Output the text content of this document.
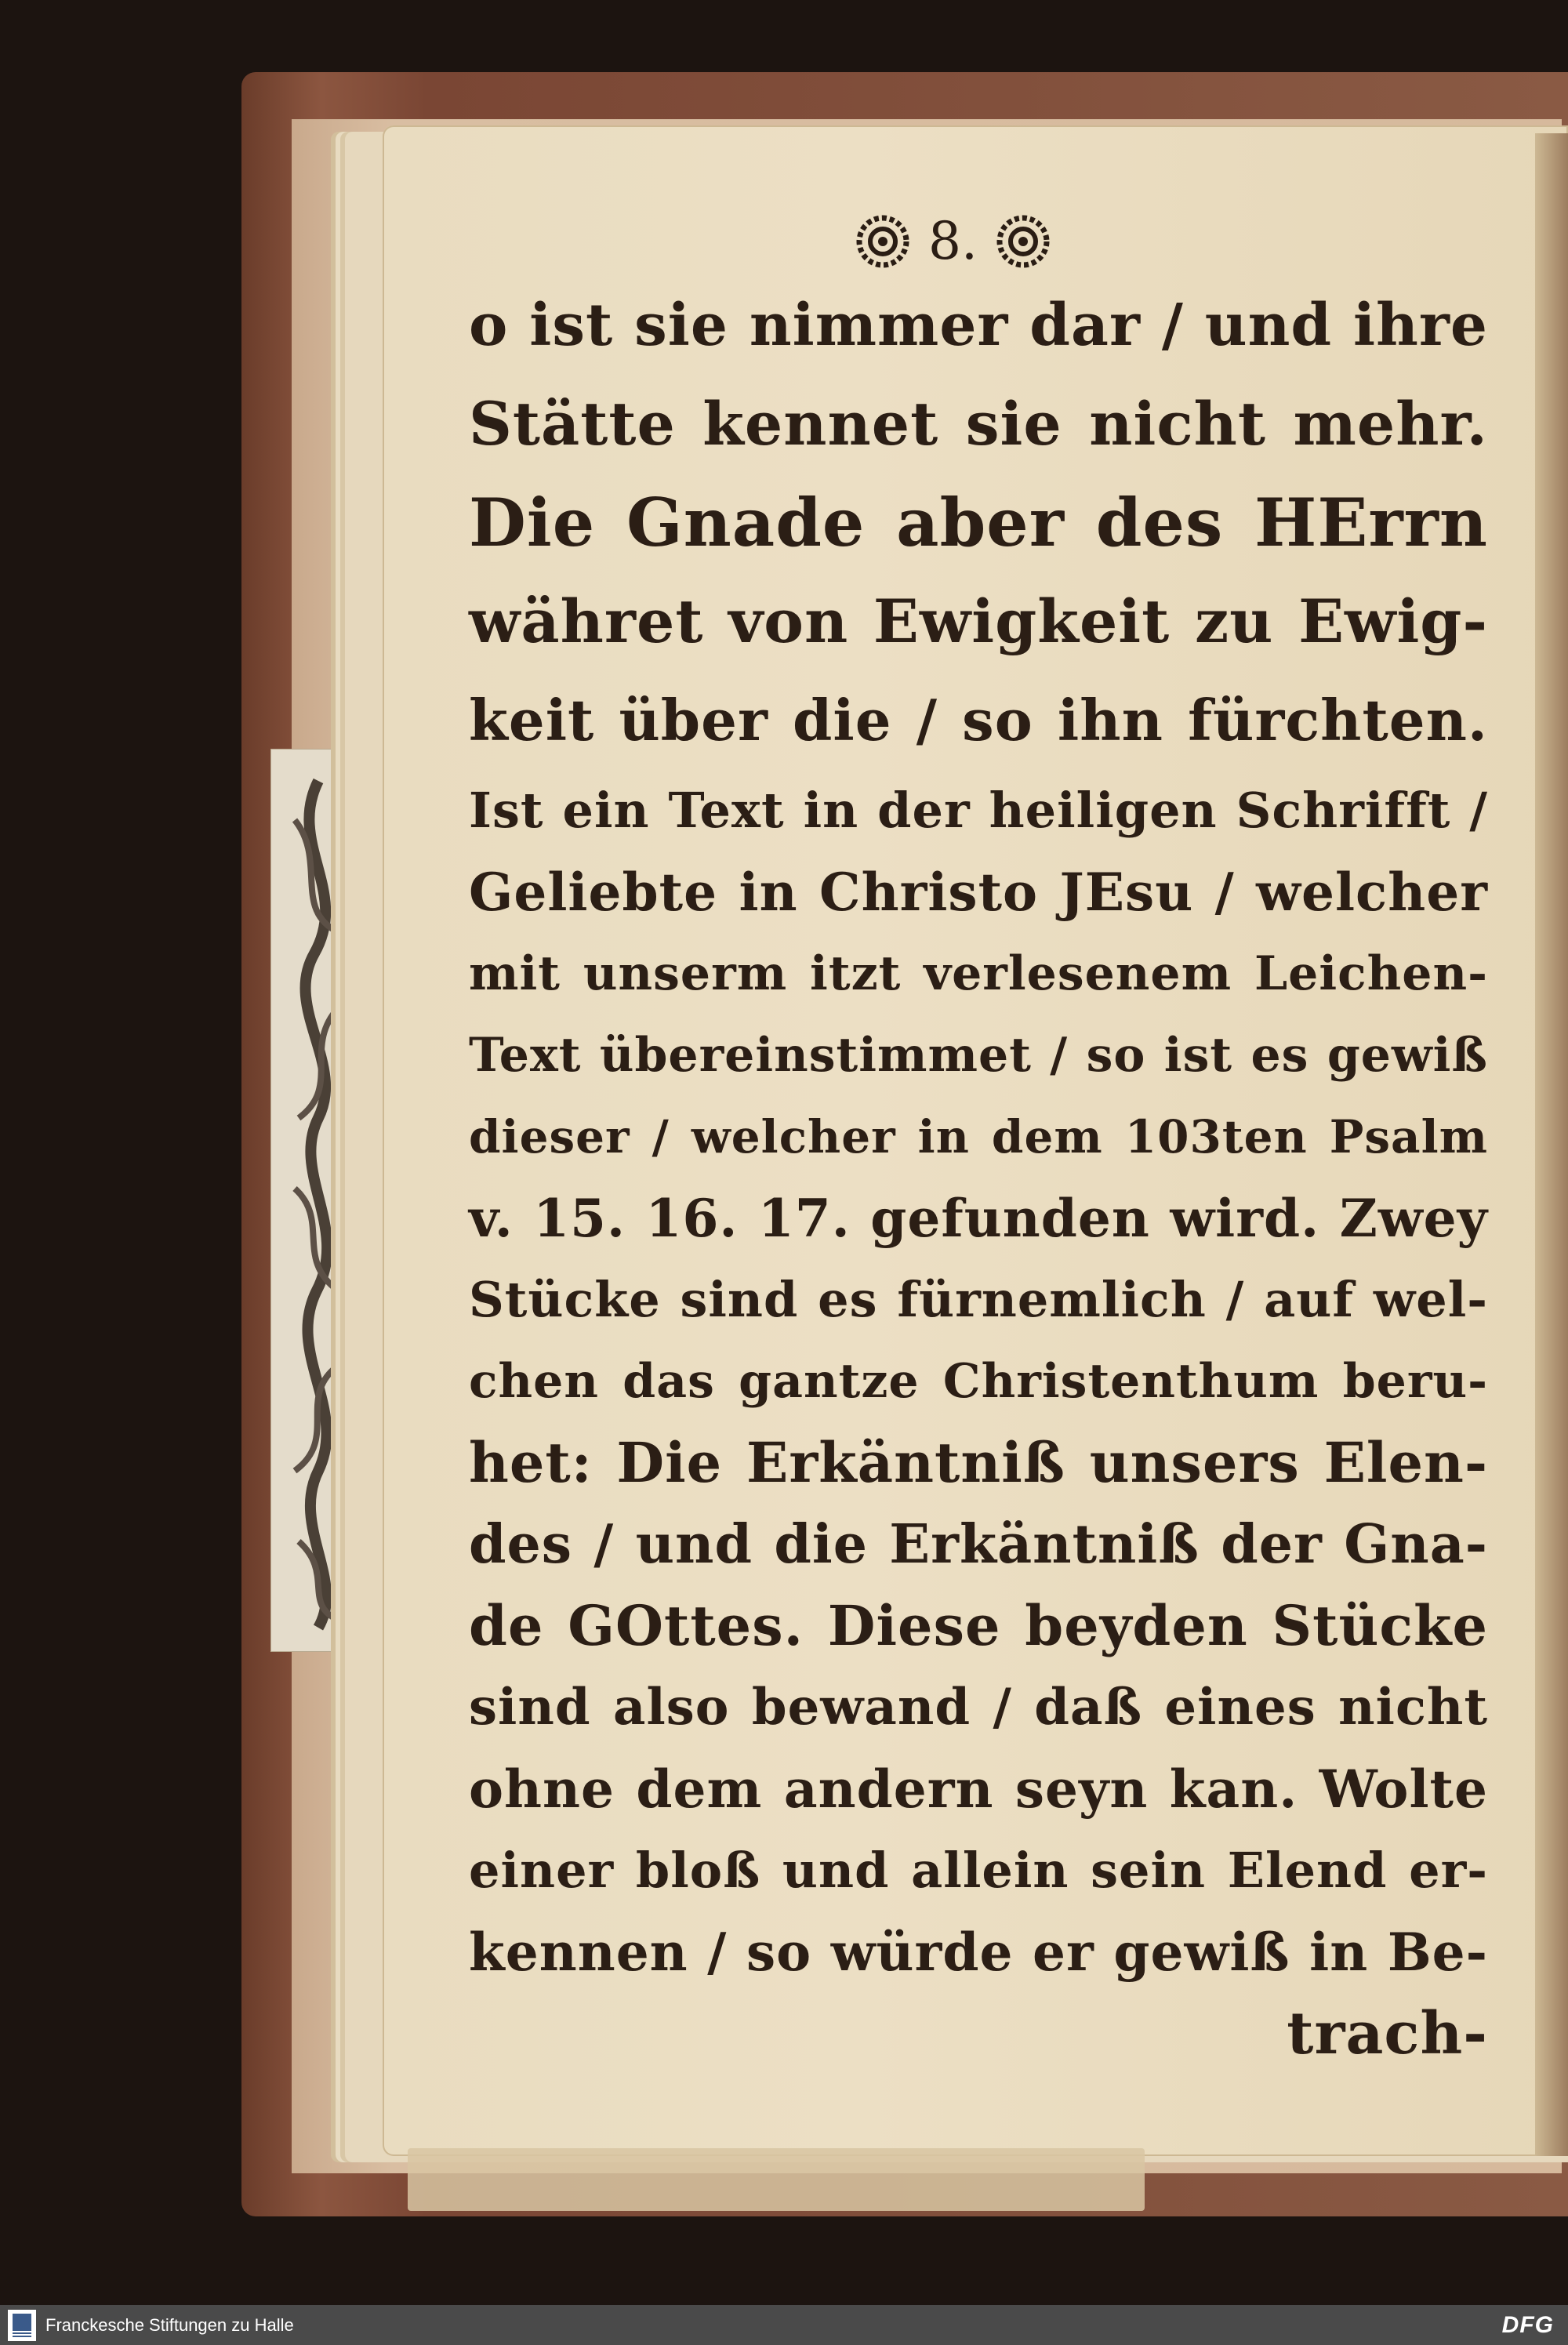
8.
o ist sie nimmer dar / und ihre
Stätte kennet sie nicht mehr.
Die Gnade aber des HErrn
währet von Ewigkeit zu Ewig-
keit über die / so ihn fürchten.
Ist ein Text in der heiligen Schrifft /
Geliebte in Christo JEsu / welcher
mit unserm itzt verlesenem Leichen-
Text übereinstimmet / so ist es gewiß
dieser / welcher in dem 103ten Psalm
v. 15. 16. 17. gefunden wird. Zwey
Stücke sind es fürnemlich / auf wel-
chen das gantze Christenthum beru-
het: Die Erkäntniß unsers Elen-
des / und die Erkäntniß der Gna-
de GOttes. Diese beyden Stücke
sind also bewand / daß eines nicht
ohne dem andern seyn kan. Wolte
einer bloß und allein sein Elend er-
kennen / so würde er gewiß in Be-
trach-
Franckesche Stiftungen zu Halle	DFG
